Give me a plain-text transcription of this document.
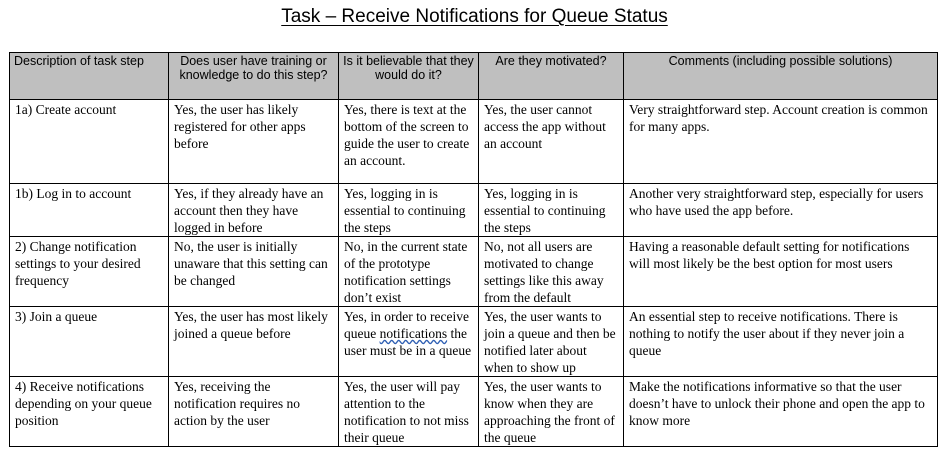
Task – Receive Notifications for Queue Status
Description of task step	Does user have training or knowledge to do this step?	Is it believable that they would do it?	Are they motivated?	Comments (including possible solutions)
1a) Create account	Yes, the user has likely registered for other apps before	Yes, there is text at the bottom of the screen to guide the user to create an account.	Yes, the user cannot access the app without an account	Very straightforward step. Account creation is common for many apps.
1b) Log in to account	Yes, if they already have an account then they have logged in before	Yes, logging in is essential to continuing the steps	Yes, logging in is essential to continuing the steps	Another very straightforward step, especially for users who have used the app before.
2) Change notification settings to your desired frequency	No, the user is initially unaware that this setting can be changed	No, in the current state of the prototype notification settings don’t exist	No, not all users are motivated to change settings like this away from the default	Having a reasonable default setting for notifications will most likely be the best option for most users
3) Join a queue	Yes, the user has most likely joined a queue before	Yes, in order to receive queue notifications the user must be in a queue	Yes, the user wants to join a queue and then be notified later about when to show up	An essential step to receive notifications. There is nothing to notify the user about if they never join a queue
4) Receive notifications depending on your queue position	Yes, receiving the notification requires no action by the user	Yes, the user will pay attention to the notification to not miss their queue	Yes, the user wants to know when they are approaching the front of the queue	Make the notifications informative so that the user doesn’t have to unlock their phone and open the app to know more
